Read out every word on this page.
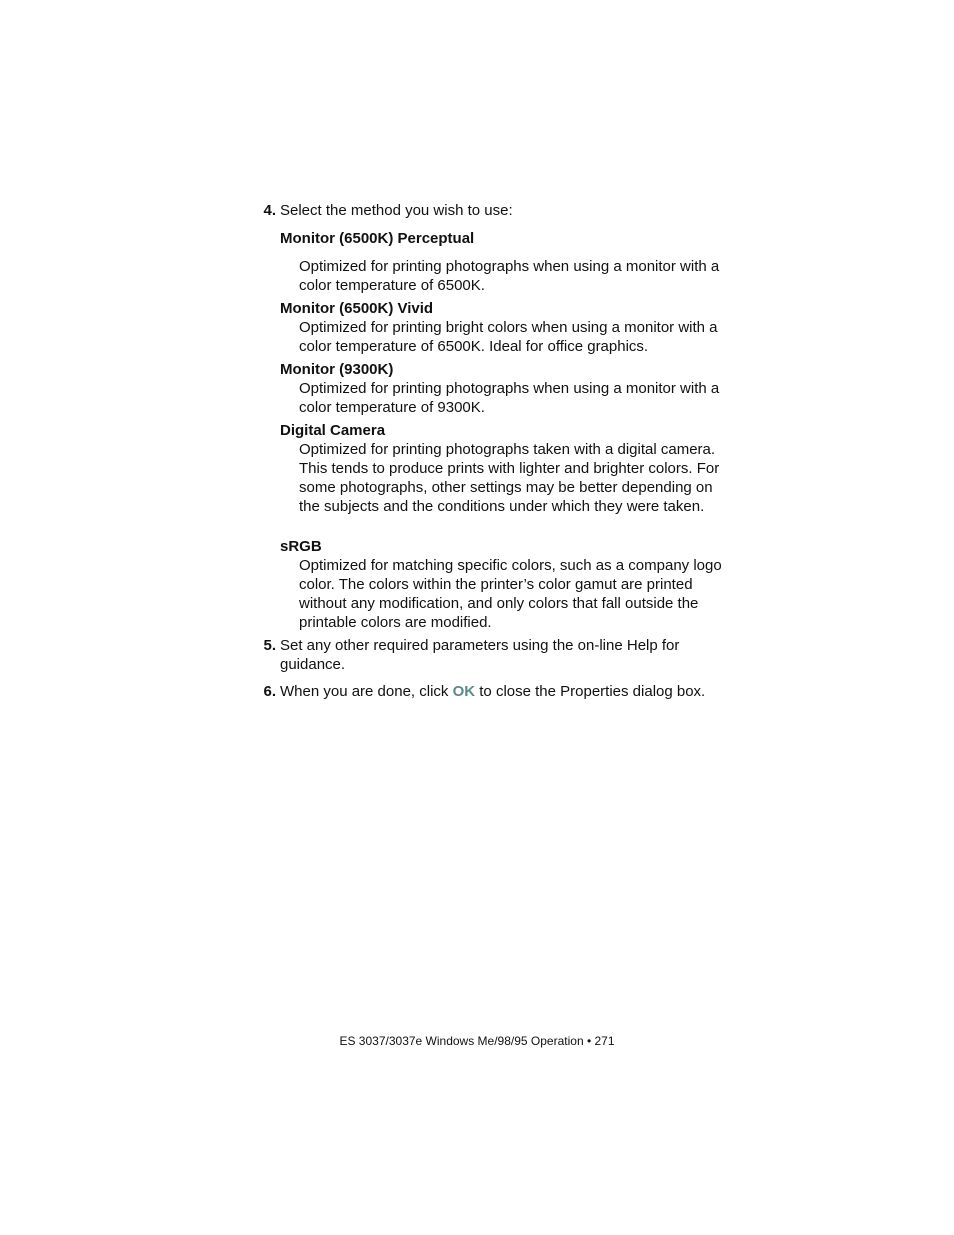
4. Select the method you wish to use:
Monitor (6500K) Perceptual
Optimized for printing photographs when using a monitor with a color temperature of 6500K.
Monitor (6500K) Vivid
Optimized for printing bright colors when using a monitor with a color temperature of 6500K. Ideal for office graphics.
Monitor (9300K)
Optimized for printing photographs when using a monitor with a color temperature of 9300K.
Digital Camera
Optimized for printing photographs taken with a digital camera. This tends to produce prints with lighter and brighter colors. For some photographs, other settings may be better depending on the subjects and the conditions under which they were taken.
sRGB
Optimized for matching specific colors, such as a company logo color. The colors within the printer’s color gamut are printed without any modification, and only colors that fall outside the printable colors are modified.
5. Set any other required parameters using the on-line Help for guidance.
6. When you are done, click OK to close the Properties dialog box.
ES 3037/3037e Windows Me/98/95 Operation • 271
